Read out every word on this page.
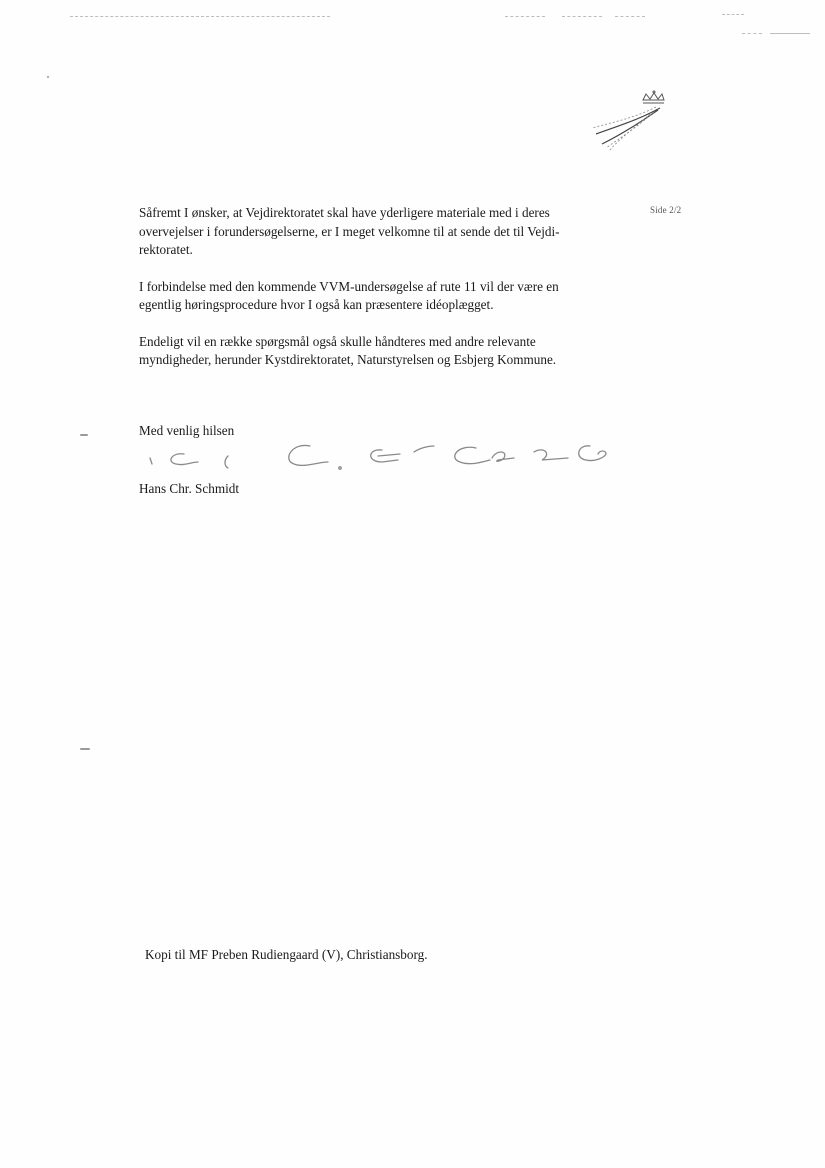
Side 2/2

Såfremt I ønsker, at Vejdirektoratet skal have yderligere materiale med i deres
overvejelser i forundersøgelserne, er I meget velkomne til at sende det til Vejdi-
rektoratet.

I forbindelse med den kommende VVM-undersøgelse af rute 11 vil der være en
egentlig høringsprocedure hvor I også kan præsentere idéoplægget.

Endeligt vil en række spørgsmål også skulle håndteres med andre relevante
myndigheder, herunder Kystdirektoratet, Naturstyrelsen og Esbjerg Kommune.

Med venlig hilsen
Hans Chr. Schmidt
Kopi til MF Preben Rudiengaard (V), Christiansborg.
